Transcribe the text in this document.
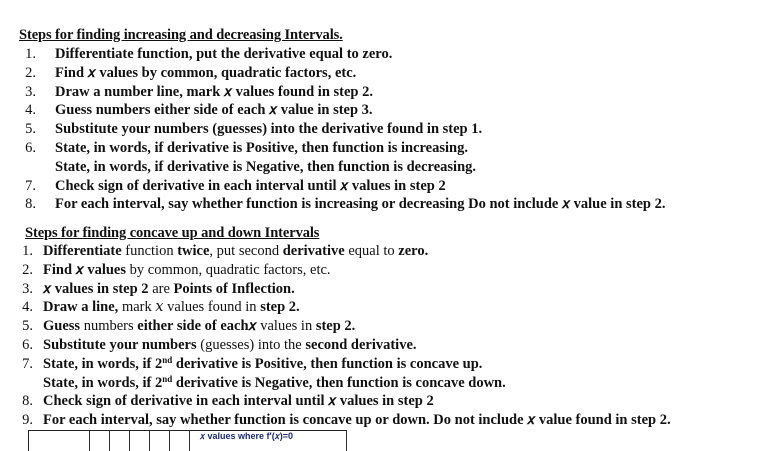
Steps for finding increasing and decreasing Intervals.
1. Differentiate function, put the derivative equal to zero.
2. Find 𝑥 values by common, quadratic factors, etc.
3. Draw a number line, mark 𝑥 values found in step 2.
4. Guess numbers either side of each 𝑥 value in step 3.
5. Substitute your numbers (guesses) into the derivative found in step 1.
6. State, in words, if derivative is Positive, then function is increasing.
State, in words, if derivative is Negative, then function is decreasing.
7. Check sign of derivative in each interval until 𝑥 values in step 2
8. For each interval, say whether function is increasing or decreasing Do not include 𝑥 value in step 2.
Steps for finding concave up and down Intervals
1. Differentiate function twice, put second derivative equal to zero.
2. Find 𝑥 values by common, quadratic factors, etc.
3. 𝑥 values in step 2 are Points of Inflection.
4. Draw a line, mark 𝑥 values found in step 2.
5. Guess numbers either side of each𝑥 values in step 2.
6. Substitute your numbers (guesses) into the second derivative.
7. State, in words, if 2nd derivative is Positive, then function is concave up.
State, in words, if 2nd derivative is Negative, then function is concave down.
8. Check sign of derivative in each interval until 𝑥 values in step 2
9. For each interval, say whether function is concave up or down. Do not include 𝑥 value found in step 2.
𝑥 values where f′(𝑥)=0
